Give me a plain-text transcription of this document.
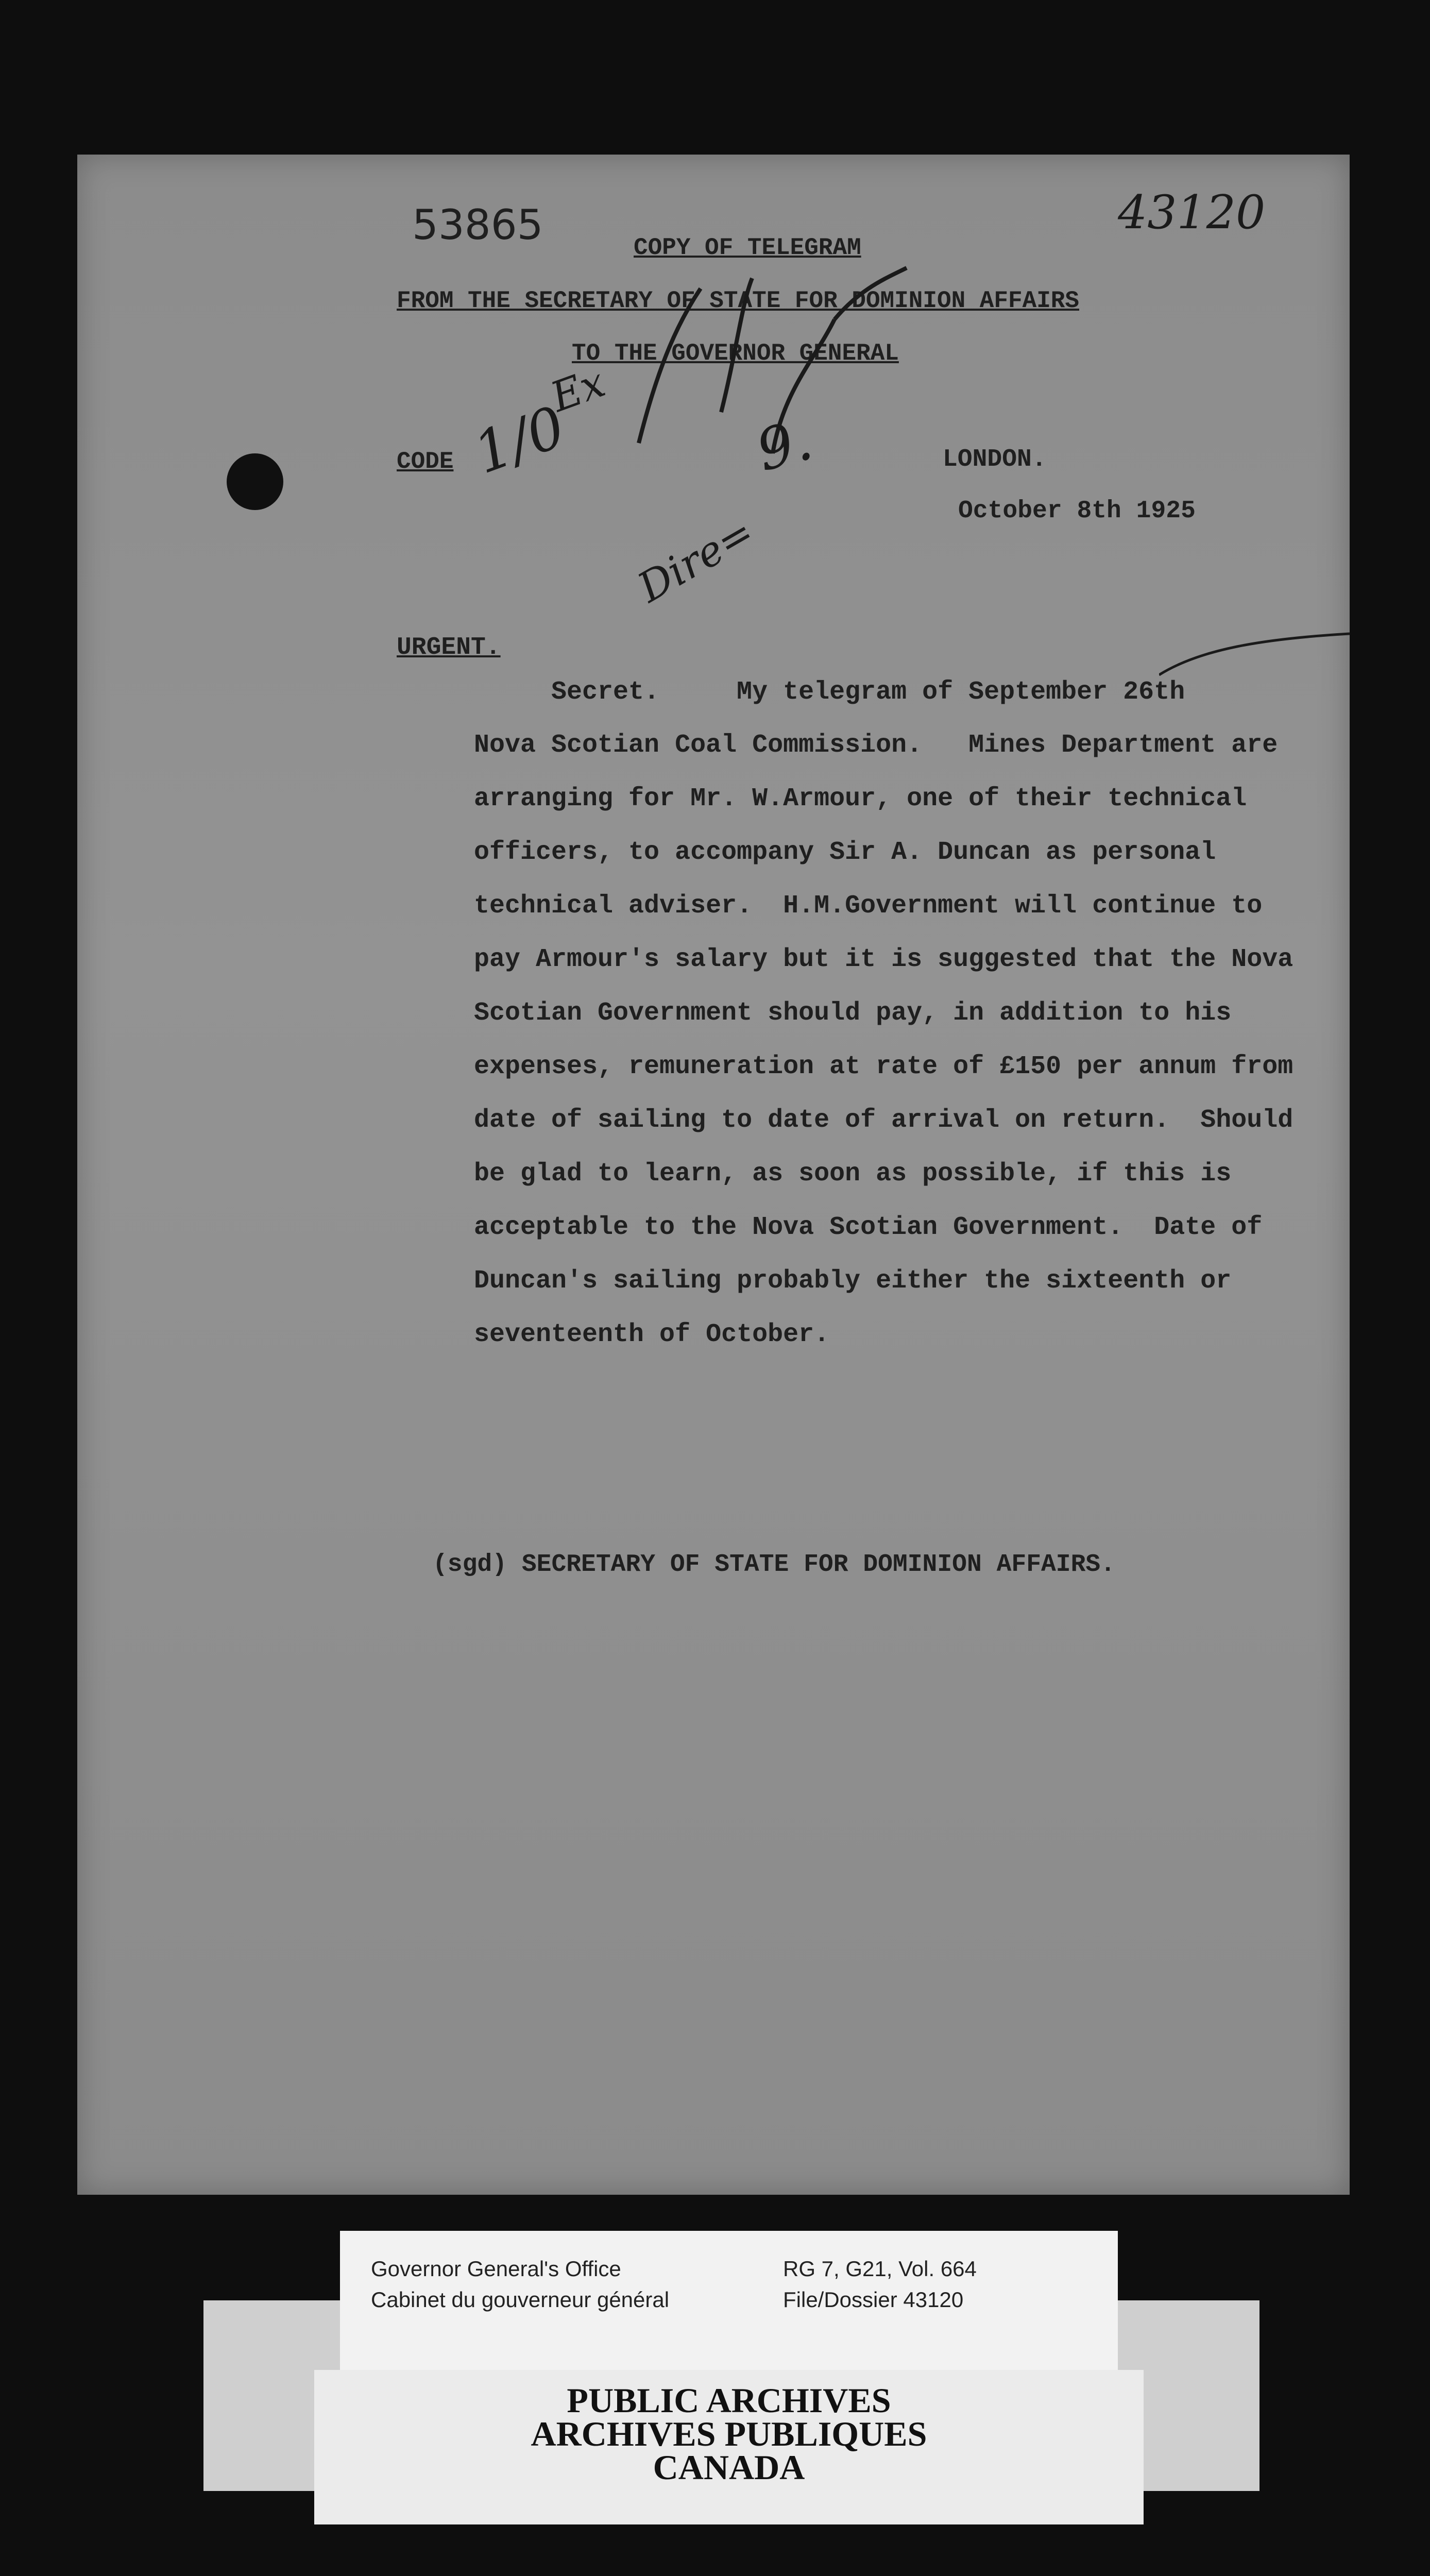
53865	43120
COPY OF TELEGRAM
FROM THE SECRETARY OF STATE FOR DOMINION AFFAIRS
TO THE GOVERNOR GENERAL
CODE	LONDON.
October 8th 1925
1/0
Ex
9.
Dire=
URGENT.
Secret.     My telegram of September 26th
Nova Scotian Coal Commission.   Mines Department are
arranging for Mr. W.Armour, one of their technical
officers, to accompany Sir A. Duncan as personal
technical adviser.  H.M.Government will continue to
pay Armour's salary but it is suggested that the Nova
Scotian Government should pay, in addition to his
expenses, remuneration at rate of £150 per annum from
date of sailing to date of arrival on return.  Should
be glad to learn, as soon as possible, if this is
acceptable to the Nova Scotian Government.  Date of
Duncan's sailing probably either the sixteenth or
seventeenth of October.
(sgd) SECRETARY OF STATE FOR DOMINION AFFAIRS.
Governor General's Office
Cabinet du gouverneur général
RG 7, G21, Vol. 664
File/Dossier 43120
PUBLIC ARCHIVES
ARCHIVES PUBLIQUES
CANADA
